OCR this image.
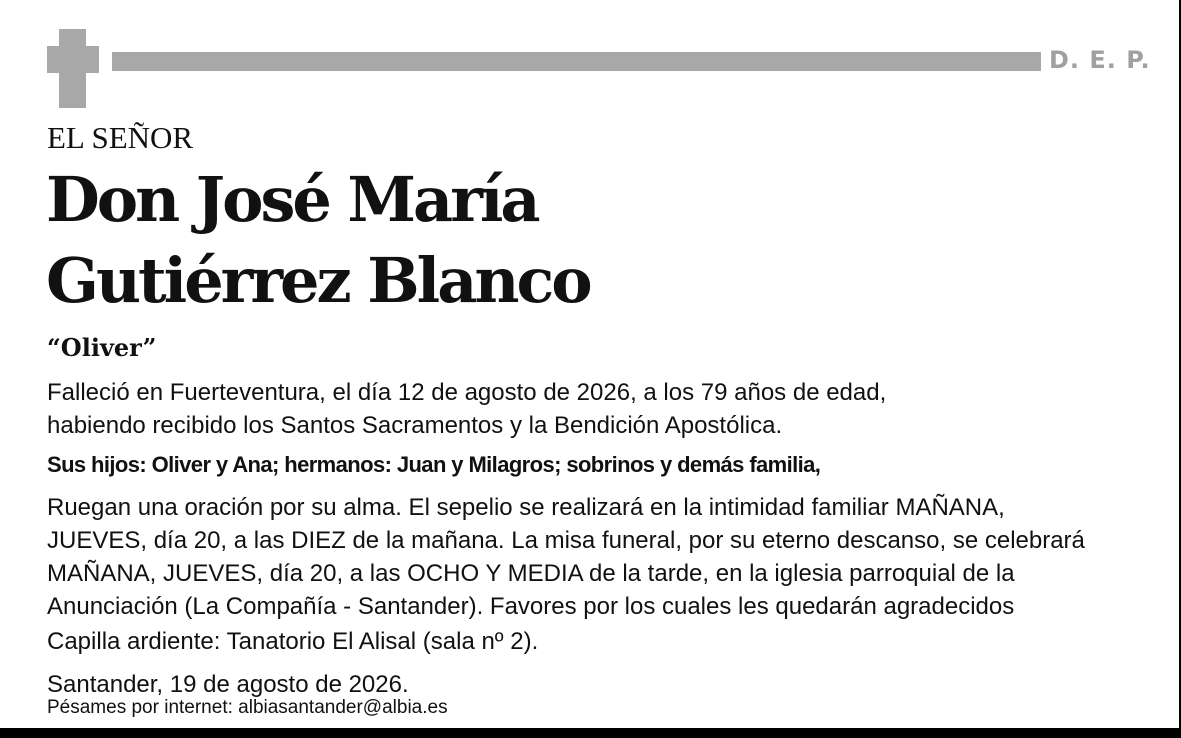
D. E. P.
EL SEÑOR
Don José María
Gutiérrez Blanco
“Oliver”
Falleció en Fuerteventura, el día 12 de agosto de 2026, a los 79 años de edad,
habiendo recibido los Santos Sacramentos y la Bendición Apostólica.
Sus hijos: Oliver y Ana; hermanos: Juan y Milagros; sobrinos y demás familia,
Ruegan una oración por su alma. El sepelio se realizará en la intimidad familiar MAÑANA,
JUEVES, día 20, a las DIEZ de la mañana. La misa funeral, por su eterno descanso, se celebrará
MAÑANA, JUEVES, día 20, a las OCHO Y MEDIA de la tarde, en la iglesia parroquial de la
Anunciación (La Compañía - Santander). Favores por los cuales les quedarán agradecidos
Capilla ardiente: Tanatorio El Alisal (sala nº 2).
Santander, 19 de agosto de 2026.
Pésames por internet: albiasantander@albia.es
